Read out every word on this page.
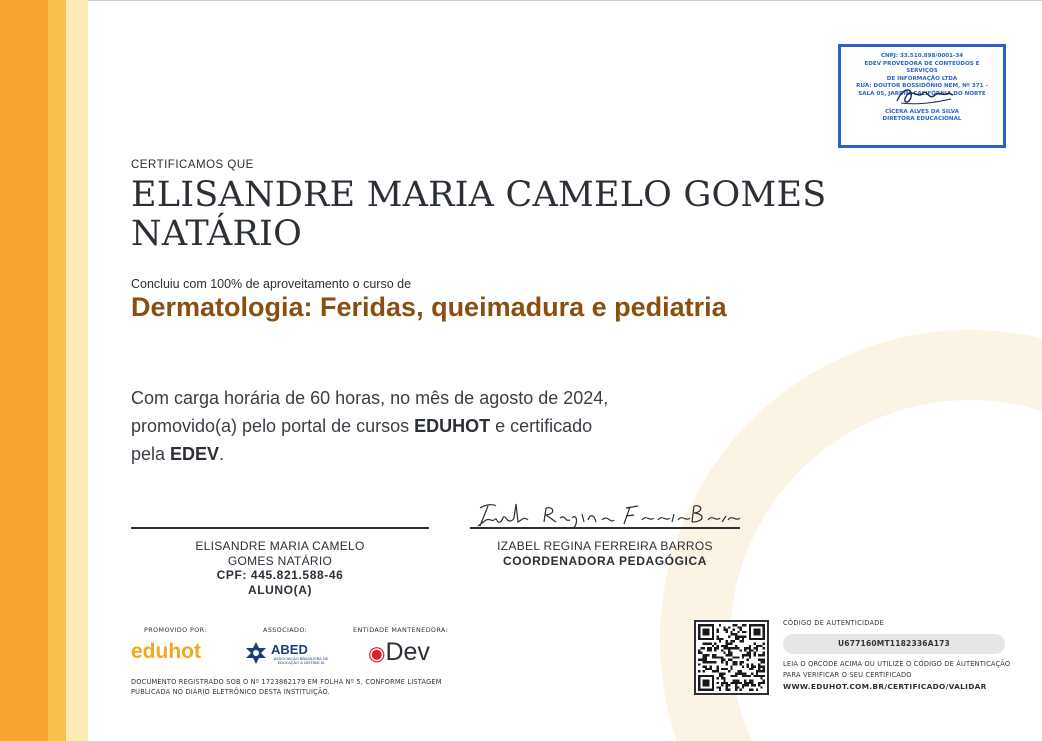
CNPJ: 33.510.898/0001-34
EDEV PROVEDORA DE CONTEÚDOS E SERVIÇOS
DE INFORMAÇÃO LTDA
RUA: DOUTOR BOSSIDÔNIO NEM, Nº 371 -
SALA 05, JARDIM CALIFÓRNIA DO NORTE
CÍCERA ALVES DA SILVA
DIRETORA EDUCACIONAL
CERTIFICAMOS QUE
ELISANDRE MARIA CAMELO GOMES NATÁRIO
Concluiu com 100% de aproveitamento o curso de
Dermatologia: Feridas, queimadura e pediatria
Com carga horária de 60 horas, no mês de agosto de 2024, promovido(a) pelo portal de cursos EDUHOT e certificado pela EDEV.
ELISANDRE MARIA CAMELO
GOMES NATÁRIO
CPF: 445.821.588-46
ALUNO(A)
IZABEL REGINA FERREIRA BARROS
COORDENADORA PEDAGÓGICA
PROMOVIDO POR:	ASSOCIADO:	ENTIDADE MANTENEDORA:
eduhot	ABED
ASSOCIAÇÃO BRASILEIRA DE EDUCAÇÃO A DISTÂNCIA	◉Dev
DOCUMENTO REGISTRADO SOB O Nº 1723862179 EM FOLHA Nº 5, CONFORME LISTAGEM PUBLICADA NO DIÁRIO ELETRÔNICO DESTA INSTITUIÇÃO.
CÓDIGO DE AUTENTICIDADE
U677160MT1182336A173
LEIA O QRCODE ACIMA OU UTILIZE O CÓDIGO DE AUTENTICAÇÃO PARA VERIFICAR O SEU CERTIFICADO
WWW.EDUHOT.COM.BR/CERTIFICADO/VALIDAR
